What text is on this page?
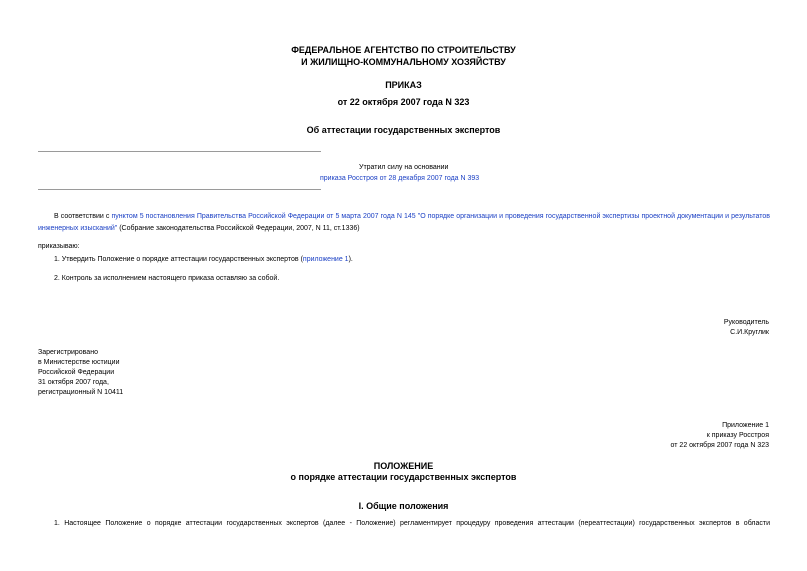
ФЕДЕРАЛЬНОЕ АГЕНТСТВО ПО СТРОИТЕЛЬСТВУ
И ЖИЛИЩНО-КОММУНАЛЬНОМУ ХОЗЯЙСТВУ
ПРИКАЗ
от 22 октября 2007 года N 323
Об аттестации государственных экспертов
Утратил силу на основании
приказа Росстроя от 28 декабря 2007 года N 393
В соответствии с пунктом 5 постановления Правительства Российской Федерации от 5 марта 2007 года N 145 "О порядке организации и проведения государственной экспертизы проектной документации и результатов инженерных изысканий" (Собрание законодательства Российской Федерации, 2007, N 11, ст.1336)
приказываю:
1. Утвердить Положение о порядке аттестации государственных экспертов (приложение 1).
2. Контроль за исполнением настоящего приказа оставляю за собой.
Руководитель
С.И.Круглик
Зарегистрировано
в Министерстве юстиции
Российской Федерации
31 октября 2007 года,
регистрационный N 10411
Приложение 1
к приказу Росстроя
от 22 октября 2007 года N 323
ПОЛОЖЕНИЕ
о порядке аттестации государственных экспертов
I. Общие положения
1. Настоящее Положение о порядке аттестации государственных экспертов (далее - Положение) регламентирует процедуру проведения аттестации (переаттестации) государственных экспертов в области
